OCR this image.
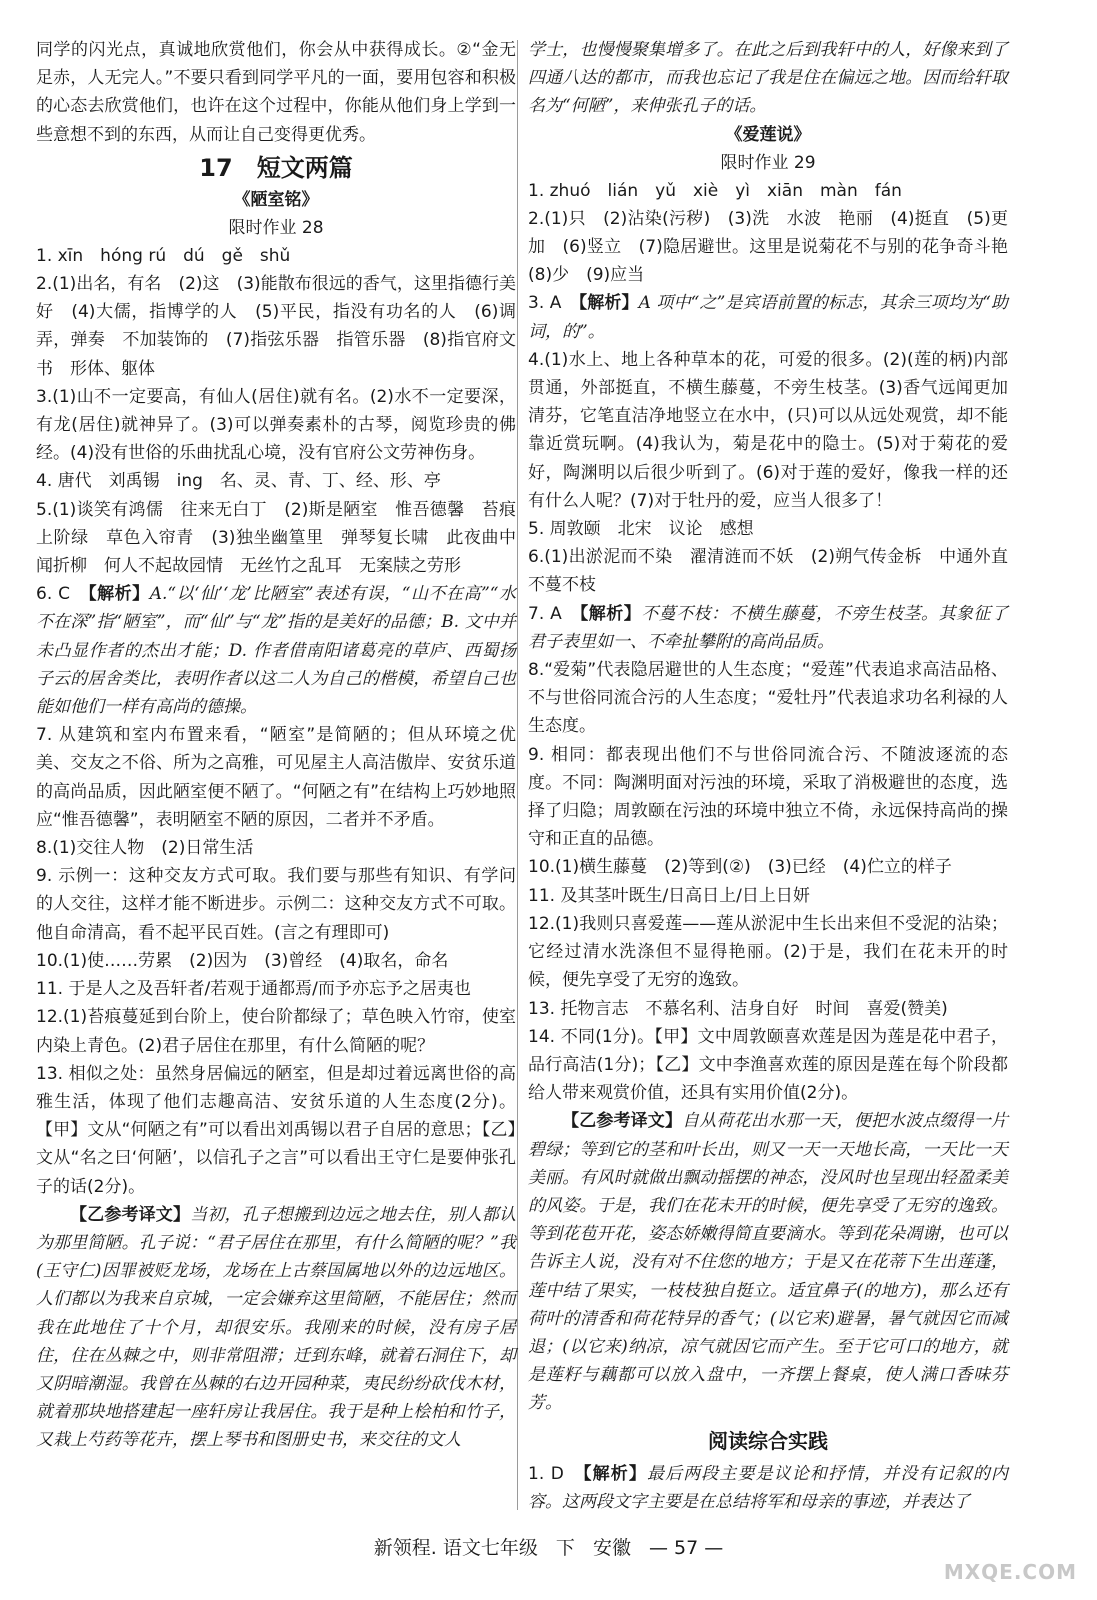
同学的闪光点，真诚地欣赏他们，你会从中获得成长。②“金无足赤，人无完人。”不要只看到同学平凡的一面，要用包容和积极的心态去欣赏他们，也许在这个过程中，你能从他们身上学到一些意想不到的东西，从而让自己变得更优秀。

17　短文两篇
《陋室铭》
限时作业 28

1. xīn　hóng rú　dú　gě　shǔ

2.(1)出名，有名　(2)这　(3)能散布很远的香气，这里指德行美好　(4)大儒，指博学的人　(5)平民，指没有功名的人　(6)调弄，弹奏　不加装饰的　(7)指弦乐器　指管乐器　(8)指官府文书　形体、躯体

3.(1)山不一定要高，有仙人(居住)就有名。(2)水不一定要深，有龙(居住)就神异了。(3)可以弹奏素朴的古琴，阅览珍贵的佛经。(4)没有世俗的乐曲扰乱心境，没有官府公文劳神伤身。

4. 唐代　刘禹锡　ing　名、灵、青、丁、经、形、亭

5.(1)谈笑有鸿儒　往来无白丁　(2)斯是陋室　惟吾德馨　苔痕上阶绿　草色入帘青　(3)独坐幽篁里　弹琴复长啸　此夜曲中闻折柳　何人不起故园情　无丝竹之乱耳　无案牍之劳形

6. C　【解析】A.“以‘仙’‘龙’比陋室”表述有误，“山不在高”“水不在深”指“陋室”，而“仙”与“龙”指的是美好的品德；B. 文中并未凸显作者的杰出才能；D. 作者借南阳诸葛亮的草庐、西蜀扬子云的居舍类比，表明作者以这二人为自己的楷模，希望自己也能如他们一样有高尚的德操。

7. 从建筑和室内布置来看，“陋室”是简陋的；但从环境之优美、交友之不俗、所为之高雅，可见屋主人高洁傲岸、安贫乐道的高尚品质，因此陋室便不陋了。“何陋之有”在结构上巧妙地照应“惟吾德馨”，表明陋室不陋的原因，二者并不矛盾。

8.(1)交往人物　(2)日常生活

9. 示例一：这种交友方式可取。我们要与那些有知识、有学问的人交往，这样才能不断进步。示例二：这种交友方式不可取。他自命清高，看不起平民百姓。(言之有理即可)

10.(1)使……劳累　(2)因为　(3)曾经　(4)取名，命名

11. 于是人之及吾轩者/若观于通都焉/而予亦忘予之居夷也

12.(1)苔痕蔓延到台阶上，使台阶都绿了；草色映入竹帘，使室内染上青色。(2)君子居住在那里，有什么简陋的呢？

13. 相似之处：虽然身居偏远的陋室，但是却过着远离世俗的高雅生活，体现了他们志趣高洁、安贫乐道的人生态度(2分)。【甲】文从“何陋之有”可以看出刘禹锡以君子自居的意思；【乙】文从“名之曰‘何陋’，以信孔子之言”可以看出王守仁是要伸张孔子的话(2分)。

【乙参考译文】当初，孔子想搬到边远之地去住，别人都认为那里简陋。孔子说：“君子居住在那里，有什么简陋的呢？”我(王守仁)因罪被贬龙场，龙场在上古蔡国属地以外的边远地区。人们都以为我来自京城，一定会嫌弃这里简陋，不能居住；然而我在此地住了十个月，却很安乐。我刚来的时候，没有房子居住，住在丛棘之中，则非常阻滞；迁到东峰，就着石洞住下，却又阴暗潮湿。我曾在丛棘的右边开园种菜，夷民纷纷砍伐木材，就着那块地搭建起一座轩房让我居住。我于是种上桧柏和竹子，又栽上芍药等花卉，摆上琴书和图册史书，来交往的文人

学士，也慢慢聚集增多了。在此之后到我轩中的人，好像来到了四通八达的都市，而我也忘记了我是住在偏远之地。因而给轩取名为“何陋”，来伸张孔子的话。

《爱莲说》
限时作业 29

1. zhuó　lián　yǔ　xiè　yì　xiān　màn　fán

2.(1)只　(2)沾染(污秽)　(3)洗　水波　艳丽　(4)挺直　(5)更加　(6)竖立　(7)隐居避世。这里是说菊花不与别的花争奇斗艳　(8)少　(9)应当

3. A　【解析】A 项中“之”是宾语前置的标志，其余三项均为“助词，的”。

4.(1)水上、地上各种草本的花，可爱的很多。(2)(莲的柄)内部贯通，外部挺直，不横生藤蔓，不旁生枝茎。(3)香气远闻更加清芬，它笔直洁净地竖立在水中，(只)可以从远处观赏，却不能靠近赏玩啊。(4)我认为，菊是花中的隐士。(5)对于菊花的爱好，陶渊明以后很少听到了。(6)对于莲的爱好，像我一样的还有什么人呢？(7)对于牡丹的爱，应当人很多了！

5. 周敦颐　北宋　议论　感想

6.(1)出淤泥而不染　濯清涟而不妖　(2)朔气传金柝　中通外直　不蔓不枝

7. A　【解析】不蔓不枝：不横生藤蔓，不旁生枝茎。其象征了君子表里如一、不牵扯攀附的高尚品质。

8.“爱菊”代表隐居避世的人生态度；“爱莲”代表追求高洁品格、不与世俗同流合污的人生态度；“爱牡丹”代表追求功名利禄的人生态度。

9. 相同：都表现出他们不与世俗同流合污、不随波逐流的态度。不同：陶渊明面对污浊的环境，采取了消极避世的态度，选择了归隐；周敦颐在污浊的环境中独立不倚，永远保持高尚的操守和正直的品德。

10.(1)横生藤蔓　(2)等到(②)　(3)已经　(4)伫立的样子

11. 及其茎叶既生/日高日上/日上日妍

12.(1)我则只喜爱莲——莲从淤泥中生长出来但不受泥的沾染；它经过清水洗涤但不显得艳丽。(2)于是，我们在花未开的时候，便先享受了无穷的逸致。

13. 托物言志　不慕名利、洁身自好　时间　喜爱(赞美)

14. 不同(1分)。【甲】文中周敦颐喜欢莲是因为莲是花中君子，品行高洁(1分)；【乙】文中李渔喜欢莲的原因是莲在每个阶段都给人带来观赏价值，还具有实用价值(2分)。

【乙参考译文】自从荷花出水那一天，便把水波点缀得一片碧绿；等到它的茎和叶长出，则又一天一天地长高，一天比一天美丽。有风时就做出飘动摇摆的神态，没风时也呈现出轻盈柔美的风姿。于是，我们在花未开的时候，便先享受了无穷的逸致。等到花苞开花，姿态娇嫩得简直要滴水。等到花朵凋谢，也可以告诉主人说，没有对不住您的地方；于是又在花蒂下生出莲蓬，莲中结了果实，一枝枝独自挺立。适宜鼻子(的地方)，那么还有荷叶的清香和荷花特异的香气；(以它来)避暑，暑气就因它而减退；(以它来)纳凉，凉气就因它而产生。至于它可口的地方，就是莲籽与藕都可以放入盘中，一齐摆上餐桌，使人满口香味芬芳。

阅读综合实践

1. D　【解析】最后两段主要是议论和抒情，并没有记叙的内容。这两段文字主要是在总结将军和母亲的事迹，并表达了

新领程. 语文七年级 下 安徽 — 57 —
MXQE.COM
